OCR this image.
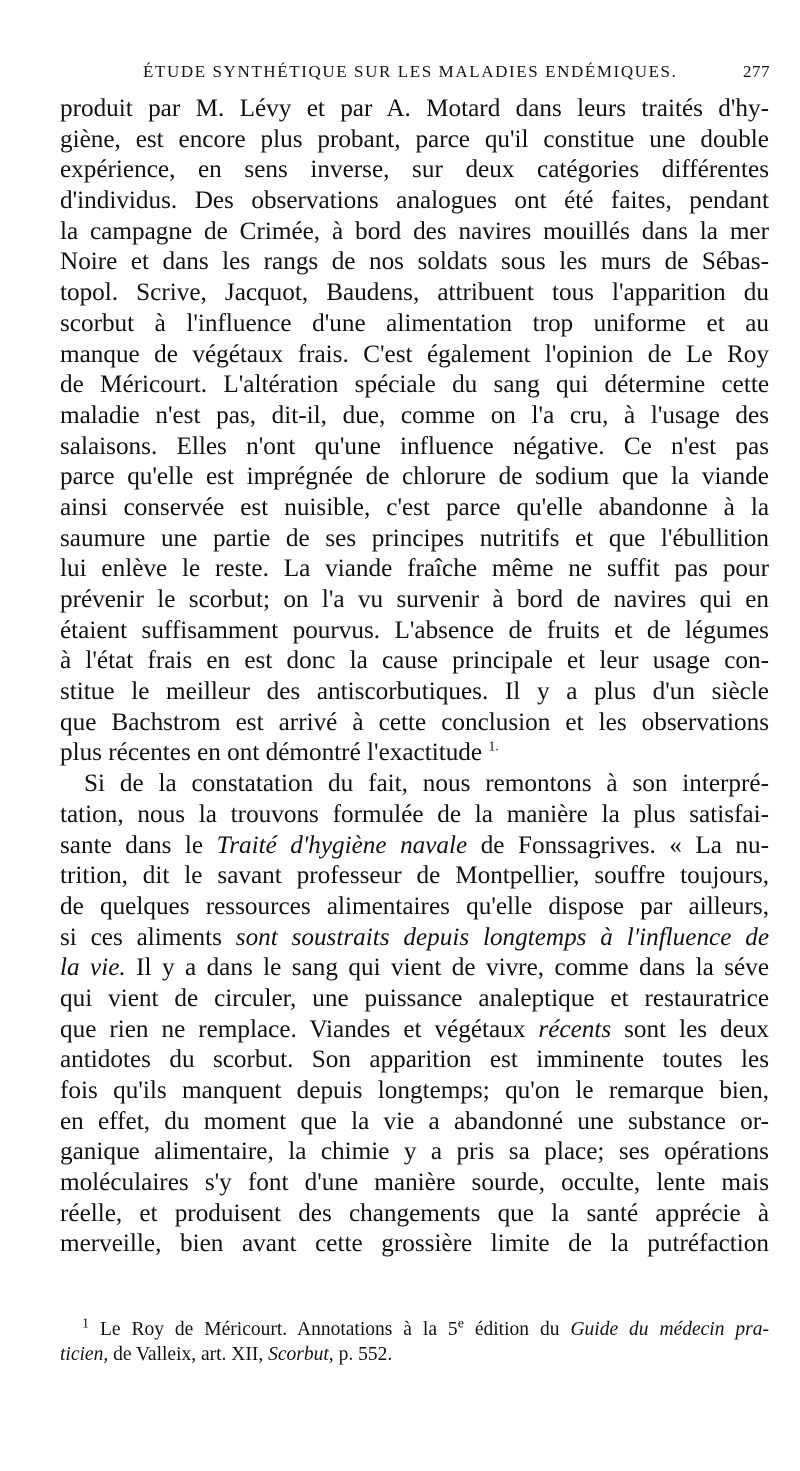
ÉTUDE SYNTHÉTIQUE SUR LES MALADIES ENDÉMIQUES.	277
produit par M. Lévy et par A. Motard dans leurs traités d'hy-
giène, est encore plus probant, parce qu'il constitue une double
expérience, en sens inverse, sur deux catégories différentes
d'individus. Des observations analogues ont été faites, pendant
la campagne de Crimée, à bord des navires mouillés dans la mer
Noire et dans les rangs de nos soldats sous les murs de Sébas-
topol. Scrive, Jacquot, Baudens, attribuent tous l'apparition du
scorbut à l'influence d'une alimentation trop uniforme et au
manque de végétaux frais. C'est également l'opinion de Le Roy
de Méricourt. L'altération spéciale du sang qui détermine cette
maladie n'est pas, dit-il, due, comme on l'a cru, à l'usage des
salaisons. Elles n'ont qu'une influence négative. Ce n'est pas
parce qu'elle est imprégnée de chlorure de sodium que la viande
ainsi conservée est nuisible, c'est parce qu'elle abandonne à la
saumure une partie de ses principes nutritifs et que l'ébullition
lui enlève le reste. La viande fraîche même ne suffit pas pour
prévenir le scorbut; on l'a vu survenir à bord de navires qui en
étaient suffisamment pourvus. L'absence de fruits et de légumes
à l'état frais en est donc la cause principale et leur usage con-
stitue le meilleur des antiscorbutiques. Il y a plus d'un siècle
que Bachstrom est arrivé à cette conclusion et les observations
plus récentes en ont démontré l'exactitude $^{1.}$
Si de la constatation du fait, nous remontons à son interpré-
tation, nous la trouvons formulée de la manière la plus satisfai-
sante dans le Traité d'hygiène navale de Fonssagrives. « La nu-
trition, dit le savant professeur de Montpellier, souffre toujours,
de quelques ressources alimentaires qu'elle dispose par ailleurs,
si ces aliments sont soustraits depuis longtemps à l'influence de
la vie. Il y a dans le sang qui vient de vivre, comme dans la séve
qui vient de circuler, une puissance analeptique et restauratrice
que rien ne remplace. Viandes et végétaux récents sont les deux
antidotes du scorbut. Son apparition est imminente toutes les
fois qu'ils manquent depuis longtemps; qu'on le remarque bien,
en effet, du moment que la vie a abandonné une substance or-
ganique alimentaire, la chimie y a pris sa place; ses opérations
moléculaires s'y font d'une manière sourde, occulte, lente mais
réelle, et produisent des changements que la santé apprécie à
merveille, bien avant cette grossière limite de la putréfaction
$^1$ Le Roy de Méricourt. Annotations à la 5e édition du Guide du médecin pra-
ticien, de Valleix, art. XII, Scorbut, p. 552.
